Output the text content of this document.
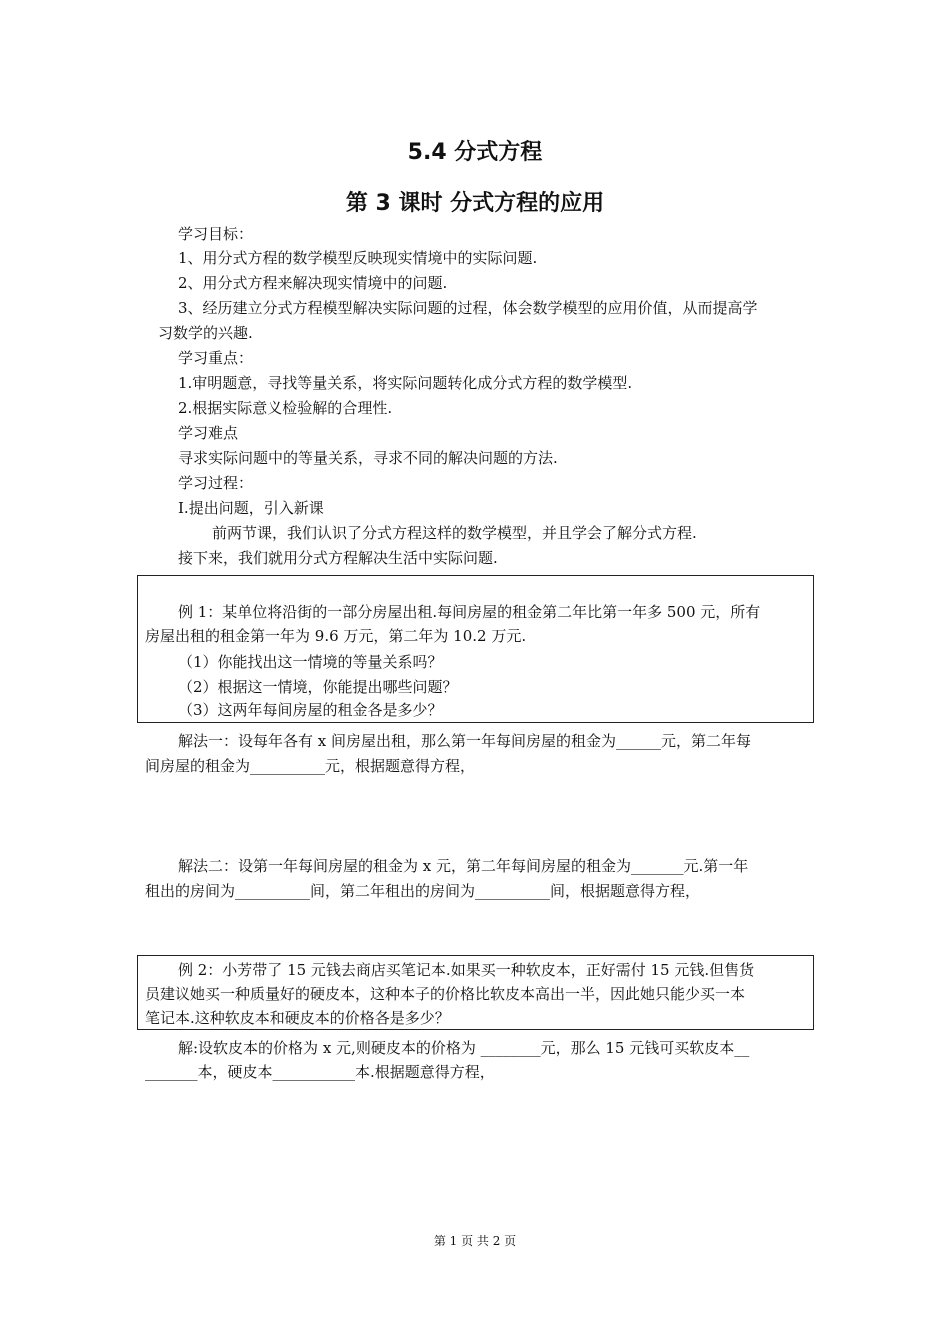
5.4 分式方程
第 3 课时 分式方程的应用
学习目标：
1、用分式方程的数学模型反映现实情境中的实际问题.
2、用分式方程来解决现实情境中的问题.
3、经历建立分式方程模型解决实际问题的过程，体会数学模型的应用价值，从而提高学
习数学的兴趣.
学习重点：
1.审明题意，寻找等量关系，将实际问题转化成分式方程的数学模型.
2.根据实际意义检验解的合理性.
学习难点
寻求实际问题中的等量关系，寻求不同的解决问题的方法.
学习过程：
Ⅰ.提出问题，引入新课
前两节课，我们认识了分式方程这样的数学模型，并且学会了解分式方程.
接下来，我们就用分式方程解决生活中实际问题.
例 1：某单位将沿街的一部分房屋出租.每间房屋的租金第二年比第一年多 500 元，所有
房屋出租的租金第一年为 9.6 万元，第二年为 10.2 万元.
（1）你能找出这一情境的等量关系吗？
（2）根据这一情境，你能提出哪些问题？
（3）这两年每间房屋的租金各是多少？
解法一：设每年各有 x 间房屋出租，那么第一年每间房屋的租金为______元，第二年每
间房屋的租金为__________元，根据题意得方程，
解法二：设第一年每间房屋的租金为 x 元，第二年每间房屋的租金为_______元.第一年
租出的房间为__________间，第二年租出的房间为__________间，根据题意得方程，
例 2：小芳带了 15 元钱去商店买笔记本.如果买一种软皮本，正好需付 15 元钱.但售货
员建议她买一种质量好的硬皮本，这种本子的价格比软皮本高出一半，因此她只能少买一本
笔记本.这种软皮本和硬皮本的价格各是多少？
解:设软皮本的价格为 x 元,则硬皮本的价格为 ________元，那么 15 元钱可买软皮本__
_______本，硬皮本___________本.根据题意得方程，
第 1 页 共 2 页
